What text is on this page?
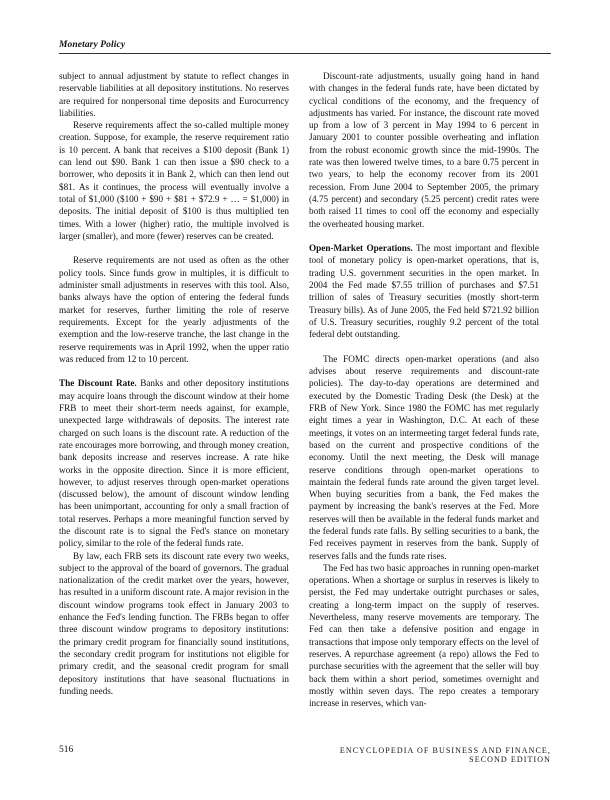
Monetary Policy

subject to annual adjustment by statute to reflect changes in reservable liabilities at all depository institutions. No reserves are required for nonpersonal time deposits and Eurocurrency liabilities.

Reserve requirements affect the so-called multiple money creation. Suppose, for example, the reserve requirement ratio is 10 percent. A bank that receives a $100 deposit (Bank 1) can lend out $90. Bank 1 can then issue a $90 check to a borrower, who deposits it in Bank 2, which can then lend out $81. As it continues, the process will eventually involve a total of $1,000 ($100 + $90 + $81 + $72.9 + … = $1,000) in deposits. The initial deposit of $100 is thus multiplied ten times. With a lower (higher) ratio, the multiple involved is larger (smaller), and more (fewer) reserves can be created.

Reserve requirements are not used as often as the other policy tools. Since funds grow in multiples, it is difficult to administer small adjustments in reserves with this tool. Also, banks always have the option of entering the federal funds market for reserves, further limiting the role of reserve requirements. Except for the yearly adjustments of the exemption and the low-reserve tranche, the last change in the reserve requirements was in April 1992, when the upper ratio was reduced from 12 to 10 percent.

The Discount Rate. Banks and other depository institutions may acquire loans through the discount window at their home FRB to meet their short-term needs against, for example, unexpected large withdrawals of deposits. The interest rate charged on such loans is the discount rate. A reduction of the rate encourages more borrowing, and through money creation, bank deposits increase and reserves increase. A rate hike works in the opposite direction. Since it is more efficient, however, to adjust reserves through open-market operations (discussed below), the amount of discount window lending has been unimportant, accounting for only a small fraction of total reserves. Perhaps a more meaningful function served by the discount rate is to signal the Fed's stance on monetary policy, similar to the role of the federal funds rate.

By law, each FRB sets its discount rate every two weeks, subject to the approval of the board of governors. The gradual nationalization of the credit market over the years, however, has resulted in a uniform discount rate. A major revision in the discount window programs took effect in January 2003 to enhance the Fed's lending function. The FRBs began to offer three discount window programs to depository institutions: the primary credit program for financially sound institutions, the secondary credit program for institutions not eligible for primary credit, and the seasonal credit program for small depository institutions that have seasonal fluctuations in funding needs.

Discount-rate adjustments, usually going hand in hand with changes in the federal funds rate, have been dictated by cyclical conditions of the economy, and the frequency of adjustments has varied. For instance, the discount rate moved up from a low of 3 percent in May 1994 to 6 percent in January 2001 to counter possible overheating and inflation from the robust economic growth since the mid-1990s. The rate was then lowered twelve times, to a bare 0.75 percent in two years, to help the economy recover from its 2001 recession. From June 2004 to September 2005, the primary (4.75 percent) and secondary (5.25 percent) credit rates were both raised 11 times to cool off the economy and especially the overheated housing market.

Open-Market Operations. The most important and flexible tool of monetary policy is open-market operations, that is, trading U.S. government securities in the open market. In 2004 the Fed made $7.55 trillion of purchases and $7.51 trillion of sales of Treasury securities (mostly short-term Treasury bills). As of June 2005, the Fed held $721.92 billion of U.S. Treasury securities, roughly 9.2 percent of the total federal debt outstanding.

The FOMC directs open-market operations (and also advises about reserve requirements and discount-rate policies). The day-to-day operations are determined and executed by the Domestic Trading Desk (the Desk) at the FRB of New York. Since 1980 the FOMC has met regularly eight times a year in Washington, D.C. At each of these meetings, it votes on an intermeeting target federal funds rate, based on the current and prospective conditions of the economy. Until the next meeting, the Desk will manage reserve conditions through open-market operations to maintain the federal funds rate around the given target level. When buying securities from a bank, the Fed makes the payment by increasing the bank's reserves at the Fed. More reserves will then be available in the federal funds market and the federal funds rate falls. By selling securities to a bank, the Fed receives payment in reserves from the bank. Supply of reserves falls and the funds rate rises.

The Fed has two basic approaches in running open-market operations. When a shortage or surplus in reserves is likely to persist, the Fed may undertake outright purchases or sales, creating a long-term impact on the supply of reserves. Nevertheless, many reserve movements are temporary. The Fed can then take a defensive position and engage in transactions that impose only temporary effects on the level of reserves. A repurchase agreement (a repo) allows the Fed to purchase securities with the agreement that the seller will buy back them within a short period, sometimes overnight and mostly within seven days. The repo creates a temporary increase in reserves, which van-

516	ENCYCLOPEDIA OF BUSINESS AND FINANCE, SECOND EDITION
